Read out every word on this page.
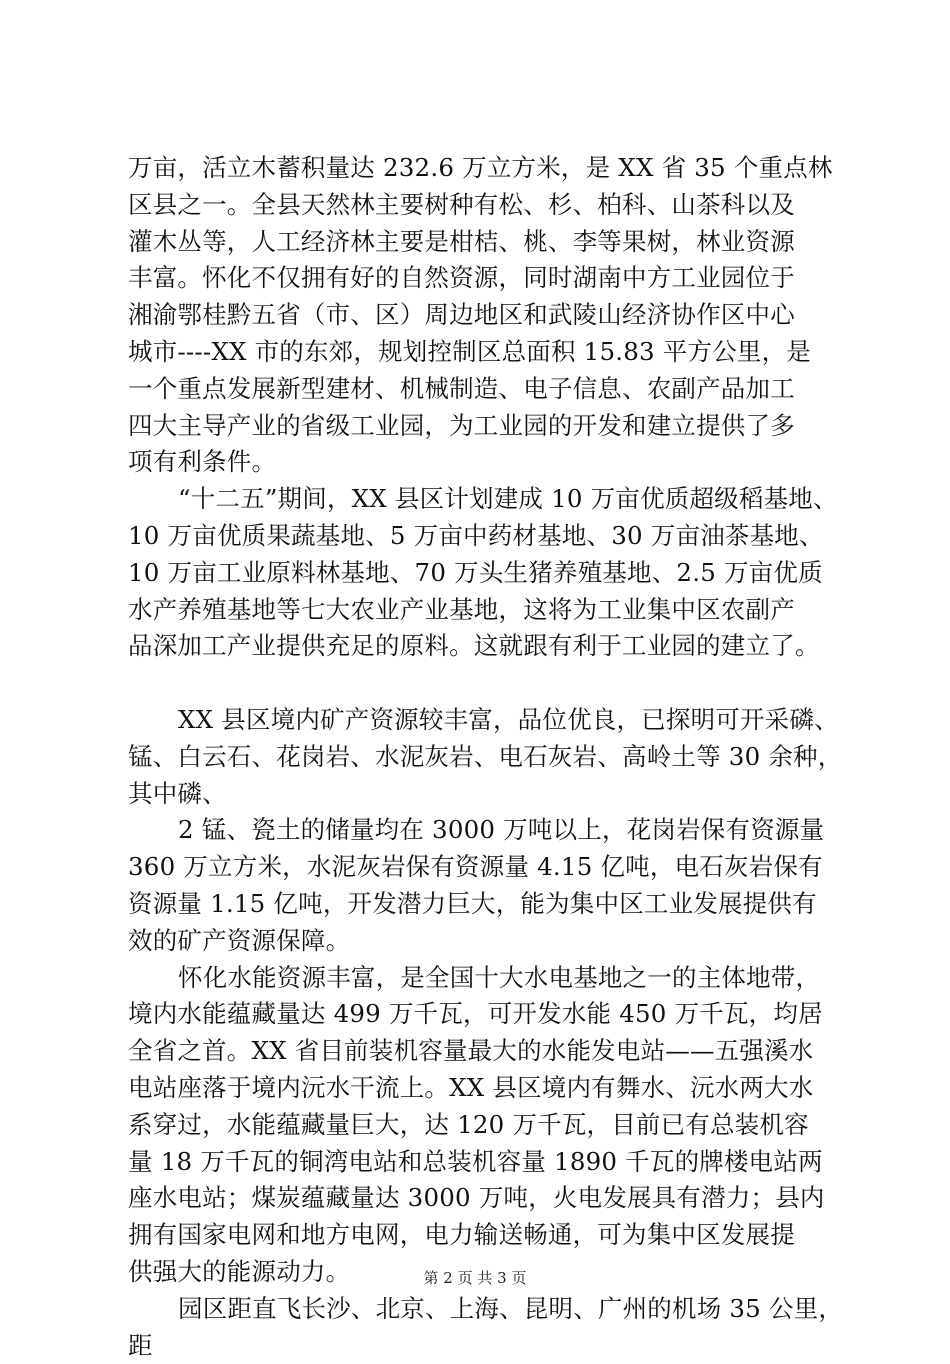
万亩，活立木蓄积量达 232.6 万立方米，是 XX 省 35 个重点林
区县之一。全县天然林主要树种有松、杉、柏科、山茶科以及
灌木丛等，人工经济林主要是柑桔、桃、李等果树，林业资源
丰富。怀化不仅拥有好的自然资源，同时湖南中方工业园位于
湘渝鄂桂黔五省（市、区）周边地区和武陵山经济协作区中心
城市----XX 市的东郊，规划控制区总面积 15.83 平方公里，是
一个重点发展新型建材、机械制造、电子信息、农副产品加工
四大主导产业的省级工业园，为工业园的开发和建立提供了多
项有利条件。
“十二五”期间，XX 县区计划建成 10 万亩优质超级稻基地、
10 万亩优质果蔬基地、5 万亩中药材基地、30 万亩油茶基地、
10 万亩工业原料林基地、70 万头生猪养殖基地、2.5 万亩优质
水产养殖基地等七大农业产业基地，这将为工业集中区农副产
品深加工产业提供充足的原料。这就跟有利于工业园的建立了。
XX 县区境内矿产资源较丰富，品位优良，已探明可开采磷、
锰、白云石、花岗岩、水泥灰岩、电石灰岩、高岭土等 30 余种，
其中磷、
2 锰、瓷土的储量均在 3000 万吨以上，花岗岩保有资源量
360 万立方米，水泥灰岩保有资源量 4.15 亿吨，电石灰岩保有
资源量 1.15 亿吨，开发潜力巨大，能为集中区工业发展提供有
效的矿产资源保障。
怀化水能资源丰富，是全国十大水电基地之一的主体地带，
境内水能蕴藏量达 499 万千瓦，可开发水能 450 万千瓦，均居
全省之首。XX 省目前装机容量最大的水能发电站——五强溪水
电站座落于境内沅水干流上。XX 县区境内有舞水、沅水两大水
系穿过，水能蕴藏量巨大，达 120 万千瓦，目前已有总装机容
量 18 万千瓦的铜湾电站和总装机容量 1890 千瓦的牌楼电站两
座水电站；煤炭蕴藏量达 3000 万吨，火电发展具有潜力；县内
拥有国家电网和地方电网，电力输送畅通，可为集中区发展提
供强大的能源动力。
园区距直飞长沙、北京、上海、昆明、广州的机场 35 公里，
距
第 2 页 共 3 页
